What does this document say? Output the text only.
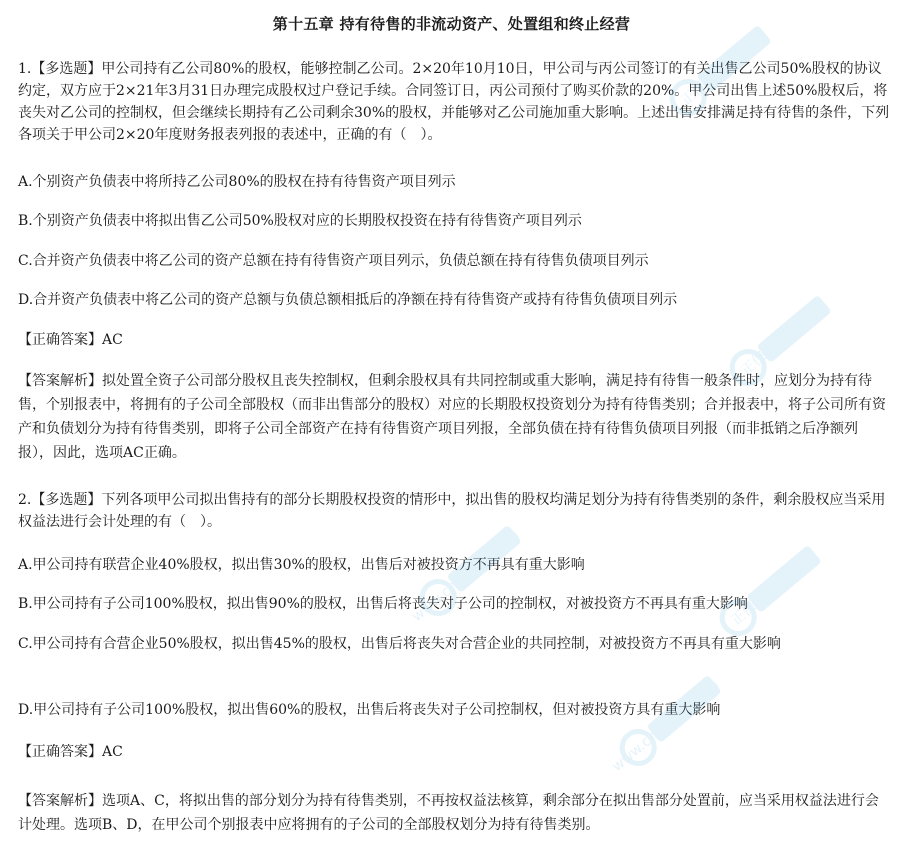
第十五章 持有待售的非流动资产、处置组和终止经营
1.【多选题】甲公司持有乙公司80%的股权，能够控制乙公司。2×20年10月10日，甲公司与丙公司签订的有关出售乙公司50%股权的协议约定，双方应于2×21年3月31日办理完成股权过户登记手续。合同签订日，丙公司预付了购买价款的20%。甲公司出售上述50%股权后，将丧失对乙公司的控制权，但会继续长期持有乙公司剩余30%的股权，并能够对乙公司施加重大影响。上述出售安排满足持有待售的条件，下列各项关于甲公司2×20年度财务报表列报的表述中，正确的有（　）。
A.个别资产负债表中将所持乙公司80%的股权在持有待售资产项目列示
B.个别资产负债表中将拟出售乙公司50%股权对应的长期股权投资在持有待售资产项目列示
C.合并资产负债表中将乙公司的资产总额在持有待售资产项目列示，负债总额在持有待售负债项目列示
D.合并资产负债表中将乙公司的资产总额与负债总额相抵后的净额在持有待售资产或持有待售负债项目列示
【正确答案】AC
【答案解析】拟处置全资子公司部分股权且丧失控制权，但剩余股权具有共同控制或重大影响，满足持有待售一般条件时，应划分为持有待售，个别报表中，将拥有的子公司全部股权（而非出售部分的股权）对应的长期股权投资划分为持有待售类别；合并报表中，将子公司所有资产和负债划分为持有待售类别，即将子公司全部资产在持有待售资产项目列报，全部负债在持有待售负债项目列报（而非抵销之后净额列报），因此，选项AC正确。
2.【多选题】下列各项甲公司拟出售持有的部分长期股权投资的情形中，拟出售的股权均满足划分为持有待售类别的条件，剩余股权应当采用权益法进行会计处理的有（　）。
A.甲公司持有联营企业40%股权，拟出售30%的股权，出售后对被投资方不再具有重大影响
B.甲公司持有子公司100%股权，拟出售90%的股权，出售后将丧失对子公司的控制权，对被投资方不再具有重大影响
C.甲公司持有合营企业50%股权，拟出售45%的股权，出售后将丧失对合营企业的共同控制，对被投资方不再具有重大影响
D.甲公司持有子公司100%股权，拟出售60%的股权，出售后将丧失对子公司控制权，但对被投资方具有重大影响
【正确答案】AC
【答案解析】选项A、C，将拟出售的部分划分为持有待售类别，不再按权益法核算，剩余部分在拟出售部分处置前，应当采用权益法进行会计处理。选项B、D，在甲公司个别报表中应将拥有的子公司的全部股权划分为持有待售类别。
正保会计网校
正保会计网校
正保会计网校
www.chinaacc.com
www.chinaacc.com
